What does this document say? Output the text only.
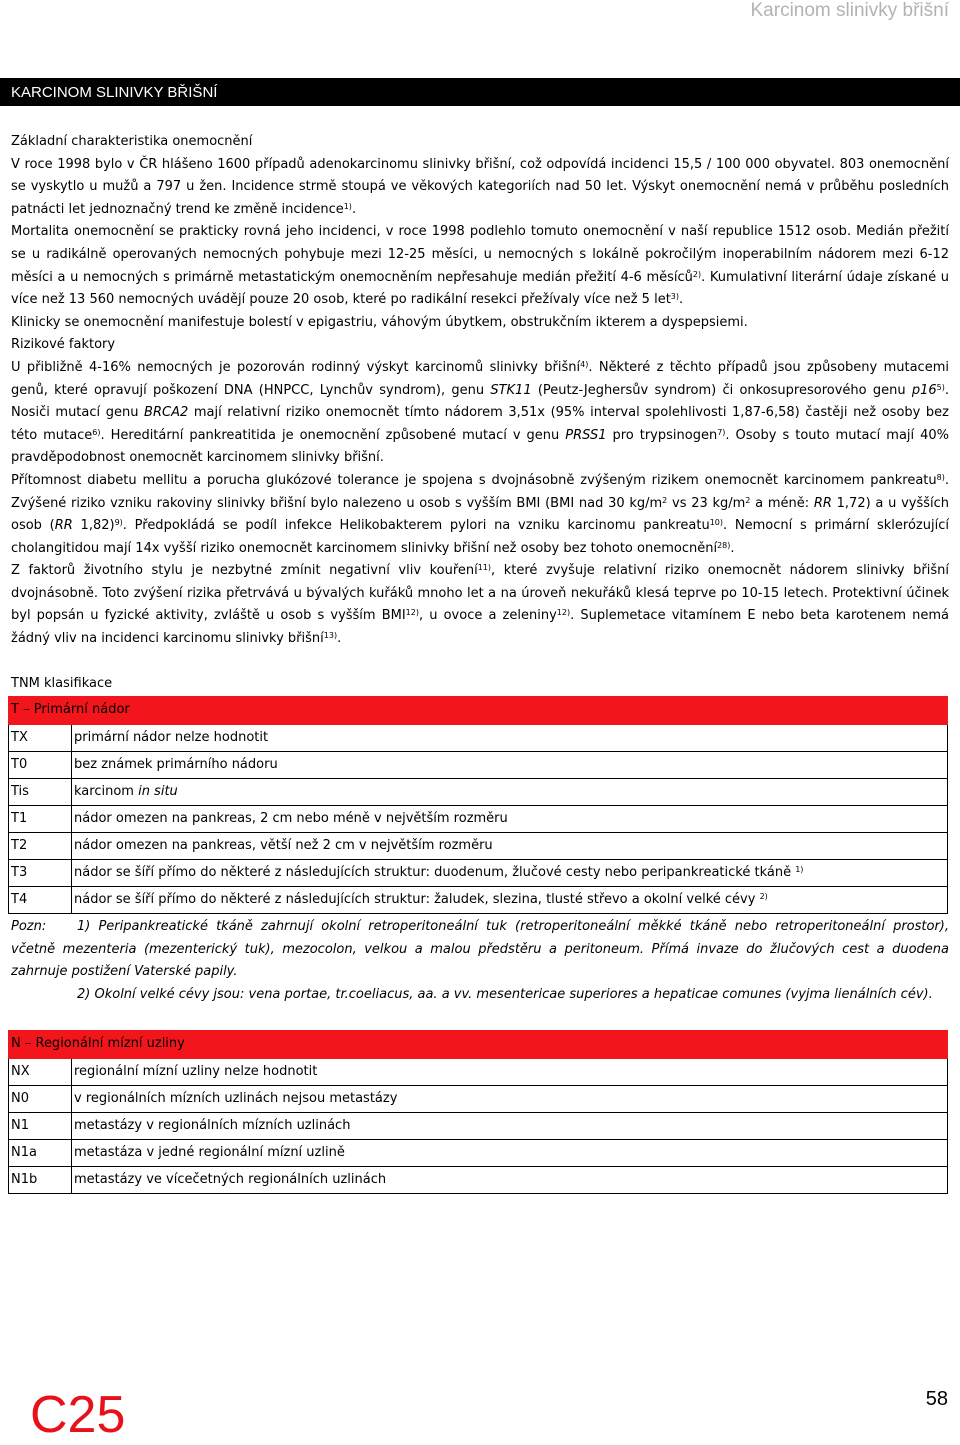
Karcinom slinivky břišní
KARCINOM SLINIVKY BŘIŠNÍ
Základní charakteristika onemocnění

V roce 1998 bylo v ČR hlášeno 1600 případů adenokarcinomu slinivky břišní, což odpovídá incidenci 15,5 / 100 000 obyvatel. 803 onemocnění se vyskytlo u mužů a 797 u žen. Incidence strmě stoupá ve věkových kategoriích nad 50 let. Výskyt onemocnění nemá v průběhu posledních patnácti let jednoznačný trend ke změně incidence$^{1)}$.

Mortalita onemocnění se prakticky rovná jeho incidenci, v roce 1998 podlehlo tomuto onemocnění v naší republice 1512 osob. Medián přežití se u radikálně operovaných nemocných pohybuje mezi 12-25 měsíci, u nemocných s lokálně pokročilým inoperabilním nádorem mezi 6-12 měsíci a u nemocných s primárně metastatickým onemocněním nepřesahuje medián přežití 4-6 měsíců$^{2)}$. Kumulativní literární údaje získané u více než 13 560 nemocných uvádějí pouze 20 osob, které po radikální resekci přežívaly více než 5 let$^{3)}$.

Klinicky se onemocnění manifestuje bolestí v epigastriu, váhovým úbytkem, obstrukčním ikterem a dyspepsiemi.

Rizikové faktory

U přibližně 4-16% nemocných je pozorován rodinný výskyt karcinomů slinivky břišní$^{4)}$. Některé z těchto případů jsou způsobeny mutacemi genů, které opravují poškození DNA (HNPCC, Lynchův syndrom), genu STK11 (Peutz-Jeghersův syndrom) či onkosupresorového genu p16$^{5)}$. Nosiči mutací genu BRCA2 mají relativní riziko onemocnět tímto nádorem 3,51x (95% interval spolehlivosti 1,87-6,58) častěji než osoby bez této mutace$^{6)}$. Hereditární pankreatitida je onemocnění způsobené mutací v genu PRSS1 pro trypsinogen$^{7)}$. Osoby s touto mutací mají 40% pravděpodobnost onemocnět karcinomem slinivky břišní.

Přítomnost diabetu mellitu a porucha glukózové tolerance je spojena s dvojnásobně zvýšeným rizikem onemocnět karcinomem pankreatu$^{8)}$. Zvýšené riziko vzniku rakoviny slinivky břišní bylo nalezeno u osob s vyšším BMI (BMI nad 30 $kg/m^2$ vs 23 $kg/m^2$ a méně: RR 1,72) a u vyšších osob (RR 1,82)$^{9)}$. Předpokládá se podíl infekce Helikobakterem pylori na vzniku karcinomu pankreatu$^{10)}$. Nemocní s primární sklerózující cholangitidou mají 14x vyšší riziko onemocnět karcinomem slinivky břišní než osoby bez tohoto onemocnění$^{28)}$.

Z faktorů životního stylu je nezbytné zmínit negativní vliv kouření$^{11)}$, které zvyšuje relativní riziko onemocnět nádorem slinivky břišní dvojnásobně. Toto zvýšení rizika přetrvává u bývalých kuřáků mnoho let a na úroveň nekuřáků klesá teprve po 10-15 letech. Protektivní účinek byl popsán u fyzické aktivity, zvláště u osob s vyšším BMI$^{12)}$, u ovoce a zeleniny$^{12)}$. Suplemetace vitamínem E nebo beta karotenem nemá žádný vliv na incidenci karcinomu slinivky břišní$^{13)}$.

TNM klasifikace
T – Primární nádor	
TX	primární nádor nelze hodnotit
T0	bez známek primárního nádoru
Tis	karcinom in situ
T1	nádor omezen na pankreas, 2 cm nebo méně v největším rozměru
T2	nádor omezen na pankreas, větší než 2 cm v největším rozměru
T3	nádor se šíří přímo do některé z následujících struktur: duodenum, žlučové cesty nebo peripankreatické tkáně $^{1)}$
T4	nádor se šíří přímo do některé z následujících struktur: žaludek, slezina, tlusté střevo a okolní velké cévy $^{2)}$
Pozn: 1) Peripankreatické tkáně zahrnují okolní retroperitoneální tuk (retroperitoneální měkké tkáně nebo retroperitoneální prostor), včetně mezenteria (mezenterický tuk), mezocolon, velkou a malou předstěru a peritoneum. Přímá invaze do žlučových cest a duodena zahrnuje postižení Vaterské papily.
2) Okolní velké cévy jsou: vena portae, tr.coeliacus, aa. a vv. mesentericae superiores a hepaticae comunes (vyjma lienálních cév).
N – Regionální mízní uzliny	
NX	regionální mízní uzliny nelze hodnotit
N0	v regionálních mízních uzlinách nejsou metastázy
N1	metastázy v regionálních mízních uzlinách
N1a	metastáza v jedné regionální mízní uzlině
N1b	metastázy ve vícečetných regionálních uzlinách
C25	58
